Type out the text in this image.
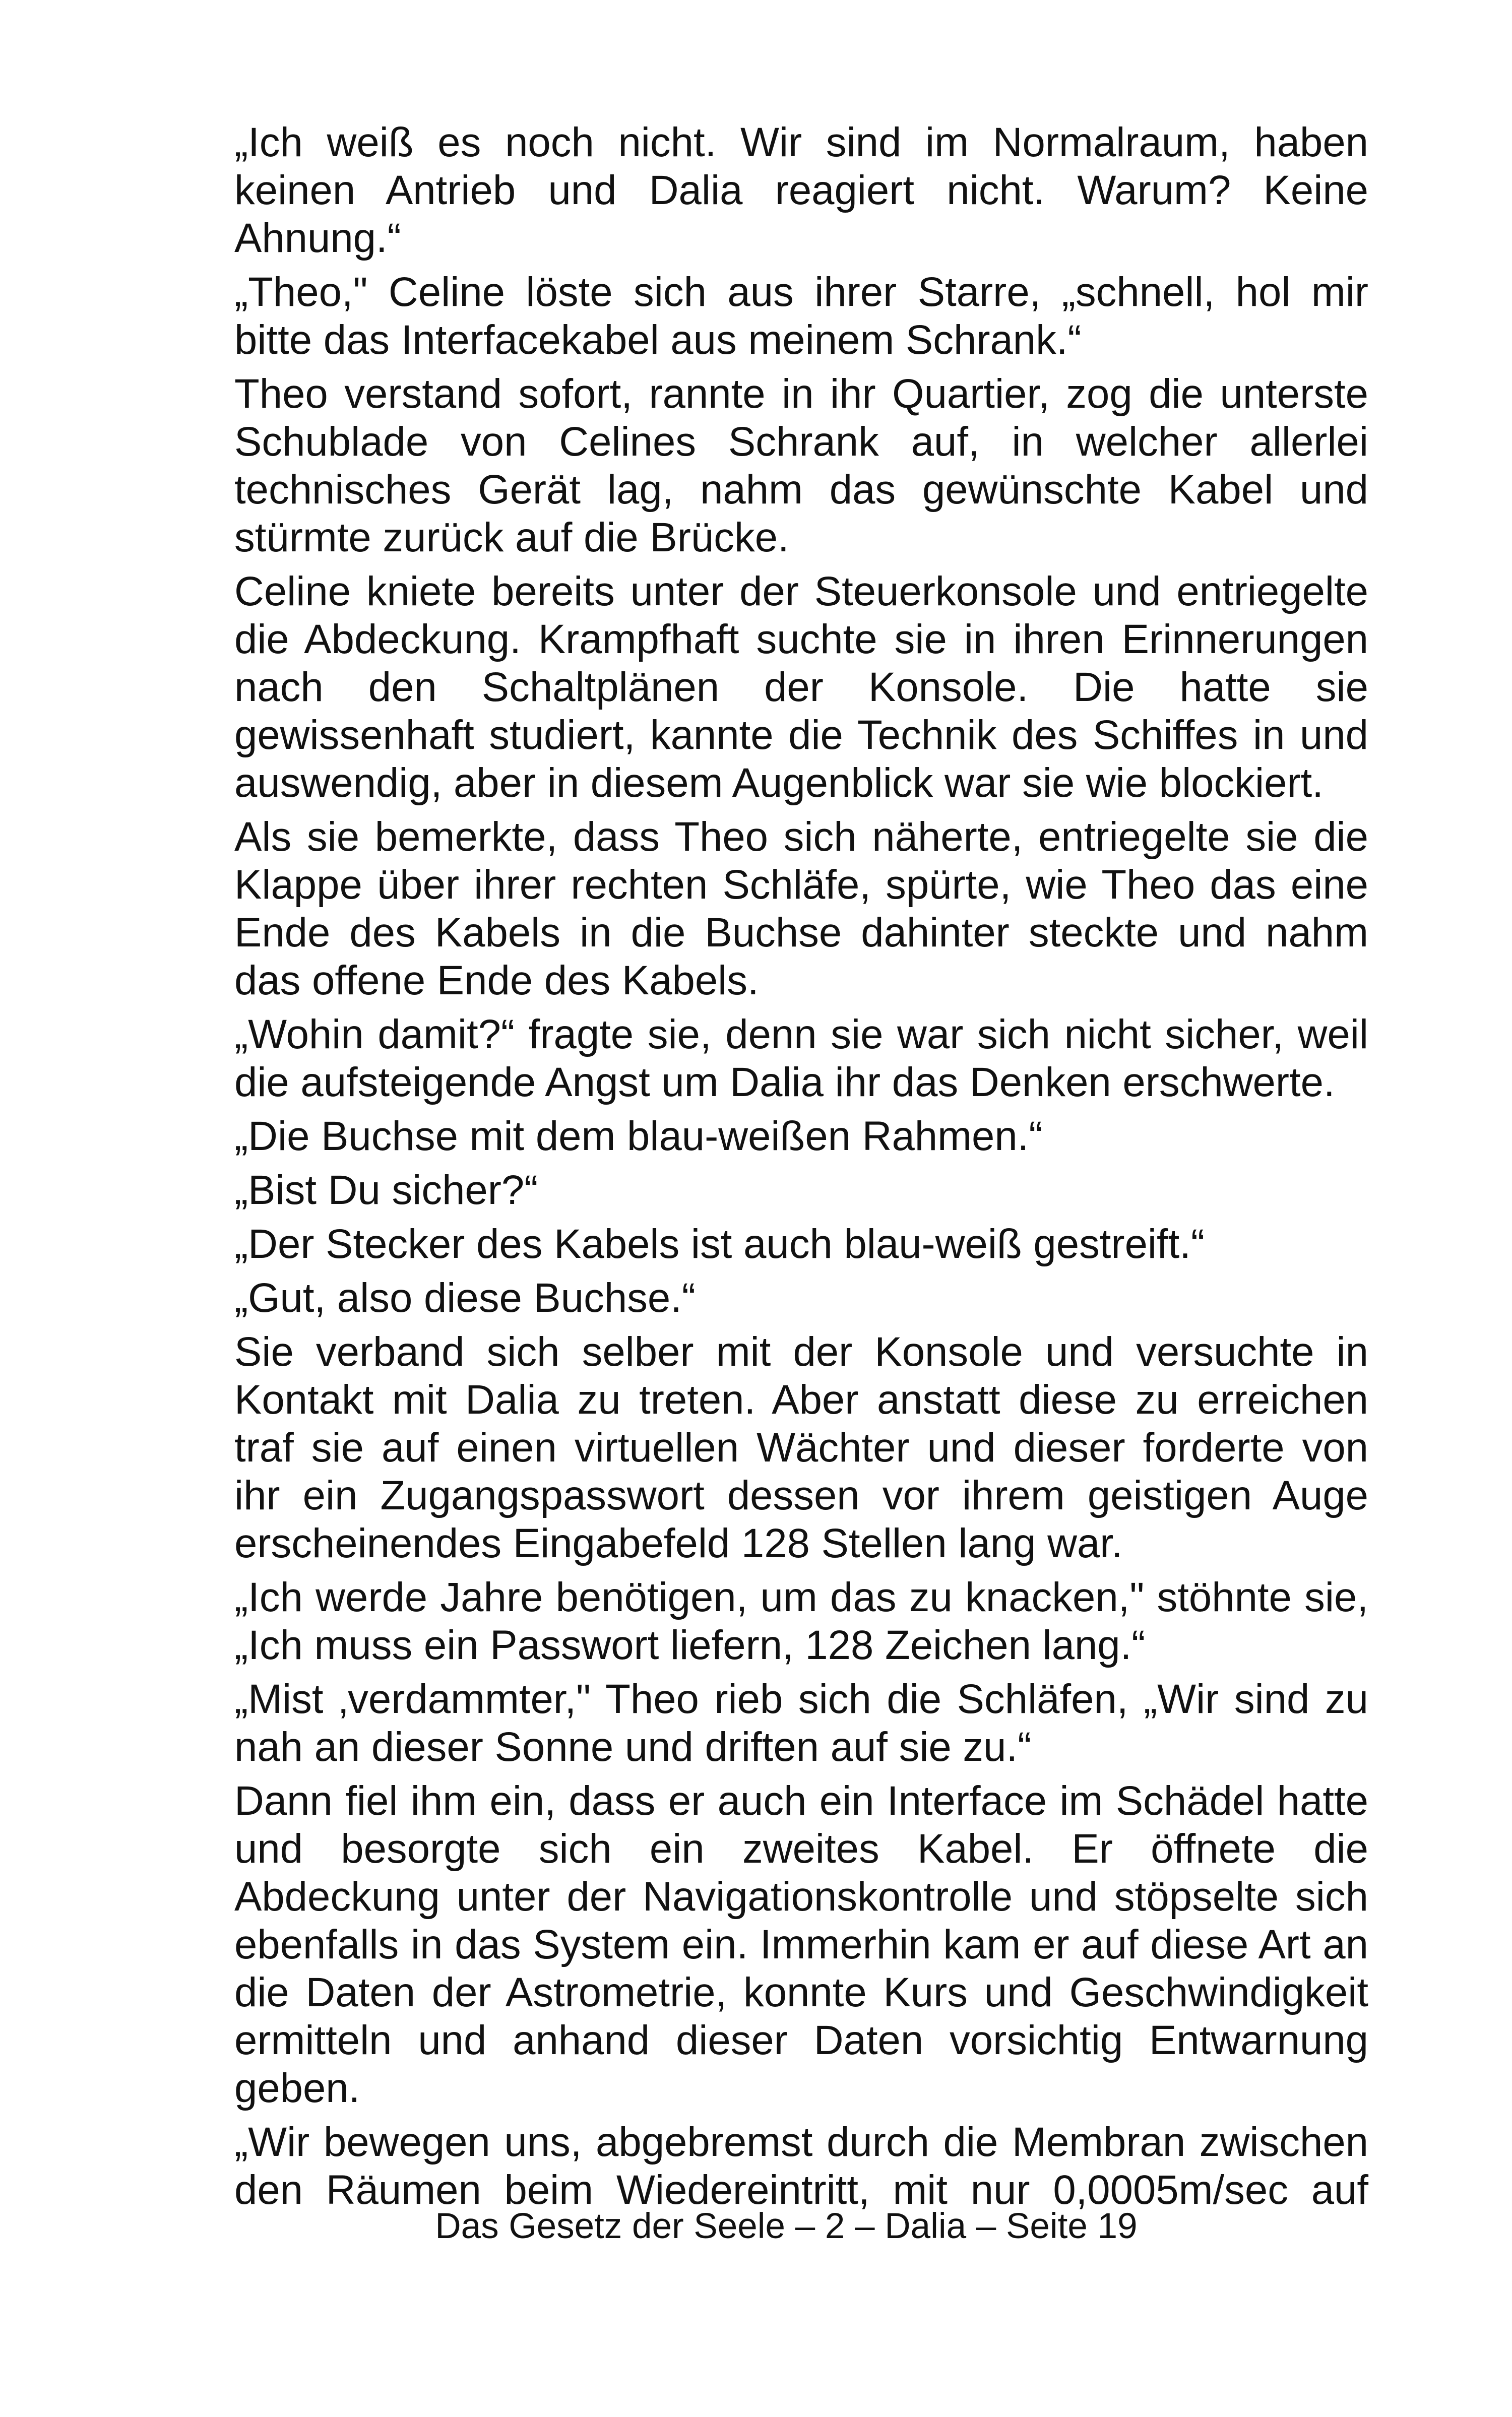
„Ich weiß es noch nicht. Wir sind im Normalraum, haben keinen Antrieb und Dalia reagiert nicht. Warum? Keine Ahnung.“

„Theo," Celine löste sich aus ihrer Starre, „schnell, hol mir bitte das Interfacekabel aus meinem Schrank.“

Theo verstand sofort, rannte in ihr Quartier, zog die unterste Schublade von Celines Schrank auf, in welcher allerlei technisches Gerät lag, nahm das gewünschte Kabel und stürmte zurück auf die Brücke.

Celine kniete bereits unter der Steuerkonsole und entriegelte die Abdeckung. Krampfhaft suchte sie in ihren Erinnerungen nach den Schaltplänen der Konsole. Die hatte sie gewissenhaft studiert, kannte die Technik des Schiffes in und auswendig, aber in diesem Augenblick war sie wie blockiert.

Als sie bemerkte, dass Theo sich näherte, entriegelte sie die Klappe über ihrer rechten Schläfe, spürte, wie Theo das eine Ende des Kabels in die Buchse dahinter steckte und nahm das offene Ende des Kabels.

„Wohin damit?“ fragte sie, denn sie war sich nicht sicher, weil die aufsteigende Angst um Dalia ihr das Denken erschwerte.

„Die Buchse mit dem blau-weißen Rahmen.“

„Bist Du sicher?“

„Der Stecker des Kabels ist auch blau-weiß gestreift.“

„Gut, also diese Buchse.“

Sie verband sich selber mit der Konsole und versuchte in Kontakt mit Dalia zu treten. Aber anstatt diese zu erreichen traf sie auf einen virtuellen Wächter und dieser forderte von ihr ein Zugangspasswort dessen vor ihrem geistigen Auge erscheinendes Eingabefeld 128 Stellen lang war.

„Ich werde Jahre benötigen, um das zu knacken," stöhnte sie, „Ich muss ein Passwort liefern, 128 Zeichen lang.“

„Mist ‚verdammter," Theo rieb sich die Schläfen, „Wir sind zu nah an dieser Sonne und driften auf sie zu.“

Dann fiel ihm ein, dass er auch ein Interface im Schädel hatte und besorgte sich ein zweites Kabel. Er öffnete die Abdeckung unter der Navigationskontrolle und stöpselte sich ebenfalls in das System ein. Immerhin kam er auf diese Art an die Daten der Astrometrie, konnte Kurs und Geschwindigkeit ermitteln und anhand dieser Daten vorsichtig Entwarnung geben.

„Wir bewegen uns, abgebremst durch die Membran zwischen den Räumen beim Wiedereintritt, mit nur 0,0005m/sec auf

Das Gesetz der Seele – 2 – Dalia – Seite 19
